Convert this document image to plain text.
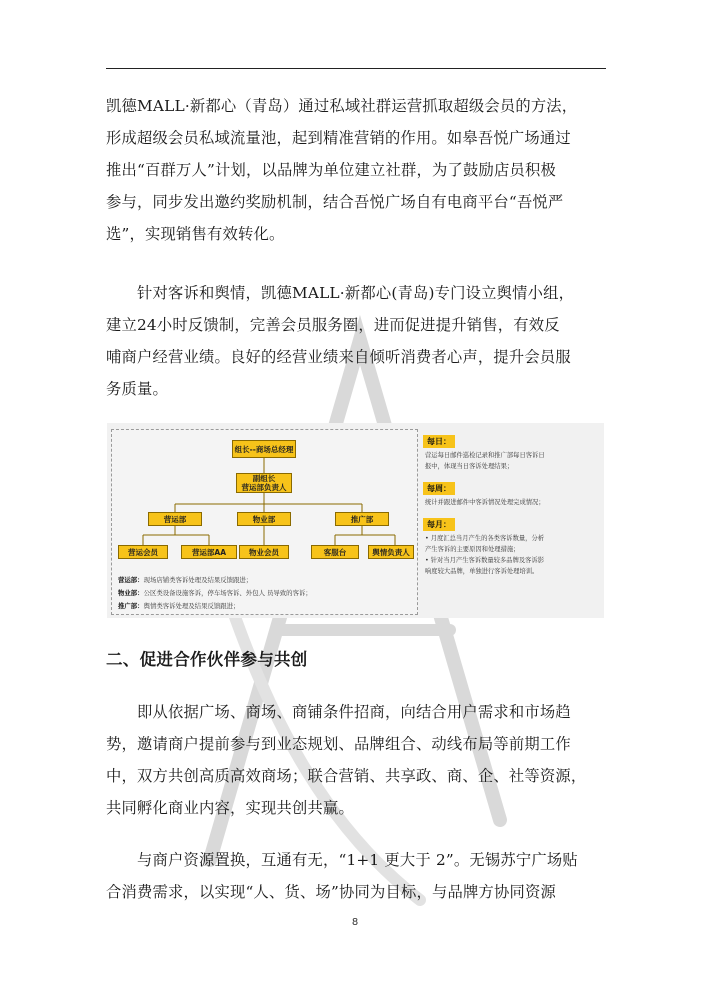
凯德MALL·新都心（青岛）通过私域社群运营抓取超级会员的方法，
形成超级会员私域流量池，起到精准营销的作用。如皋吾悦广场通过
推出“百群万人”计划，以品牌为单位建立社群，为了鼓励店员积极
参与，同步发出邀约奖励机制，结合吾悦广场自有电商平台“吾悦严
选”，实现销售有效转化。
　　针对客诉和舆情，凯德MALL·新都心(青岛)专门设立舆情小组，
建立24小时反馈制，完善会员服务圈，进而促进提升销售，有效反
哺商户经营业绩。良好的经营业绩来自倾听消费者心声，提升会员服
务质量。
组长--商场总经理
副组长
营运部负责人
营运部	物业部	推广部
营运会员	营运部AA	物业会员	客服台	舆情负责人
营运部：现场店铺类客诉处理及结果反馈跟进；
物业部：公区类设备设施客诉，停车场客诉、外包人 员导致的客诉；
推广部：舆情类客诉处理及结果反馈跟进；
每日：
营运每日邮件巡检记录和推广部每日客诉日
报中，体现当日客诉处理结果；
每周：
统计并跟进邮件中客诉情况处理完成情况；
每月：
• 月度汇总当月产生的各类客诉数量，分析
产生客诉的主要原因和处理措施；
• 针对当月产生客诉数量较多品牌及客诉影
响度较大品牌，单独进行客诉处理培训。
二、促进合作伙伴参与共创
　　即从依据广场、商场、商铺条件招商，向结合用户需求和市场趋
势，邀请商户提前参与到业态规划、品牌组合、动线布局等前期工作
中，双方共创高质高效商场；联合营销、共享政、商、企、社等资源，
共同孵化商业内容，实现共创共赢。
　　与商户资源置换，互通有无，“1+1 更大于 2”。无锡苏宁广场贴
合消费需求，以实现“人、货、场”协同为目标，与品牌方协同资源
8
